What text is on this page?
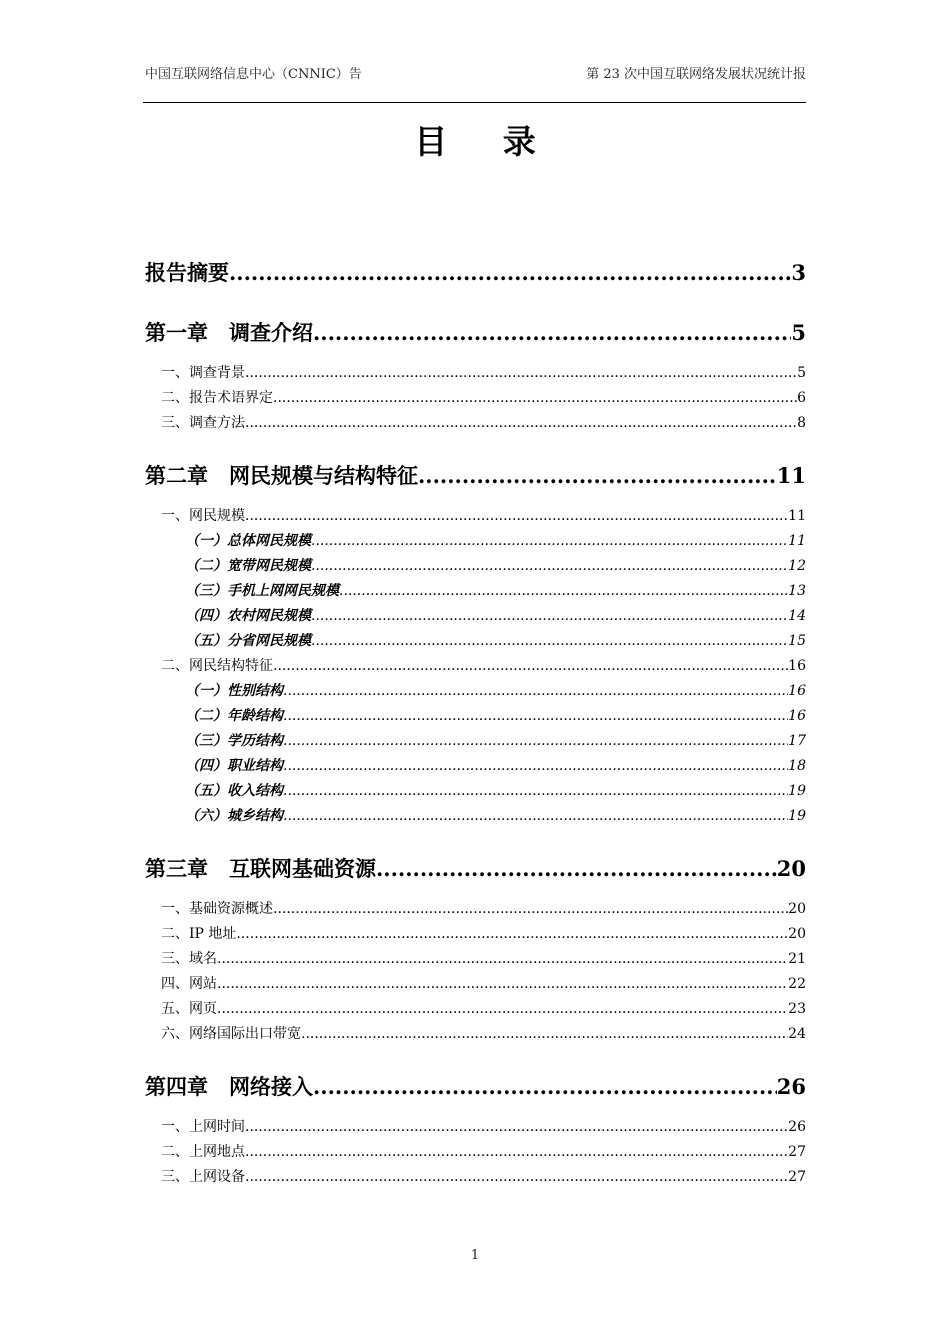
中国互联网络信息中心（CNNIC）告	第 23 次中国互联网络发展状况统计报
目 录
报告摘要 .....	3
第一章　调查介绍 .....	5
一、调查背景 .....	5
二、报告术语界定 .....	6
三、调查方法 .....	8
第二章　网民规模与结构特征 .....	11
一、网民规模 .....	11
（一）总体网民规模 .....	11
（二）宽带网民规模 .....	12
（三）手机上网网民规模 .....	13
（四）农村网民规模 .....	14
（五）分省网民规模 .....	15
二、网民结构特征 .....	16
（一）性别结构 .....	16
（二）年龄结构 .....	16
（三）学历结构 .....	17
（四）职业结构 .....	18
（五）收入结构 .....	19
（六）城乡结构 .....	19
第三章　互联网基础资源 .....	20
一、基础资源概述 .....	20
二、IP 地址 .....	20
三、域名 .....	21
四、网站 .....	22
五、网页 .....	23
六、网络国际出口带宽 .....	24
第四章　网络接入 .....	26
一、上网时间 .....	26
二、上网地点 .....	27
三、上网设备 .....	27
1
